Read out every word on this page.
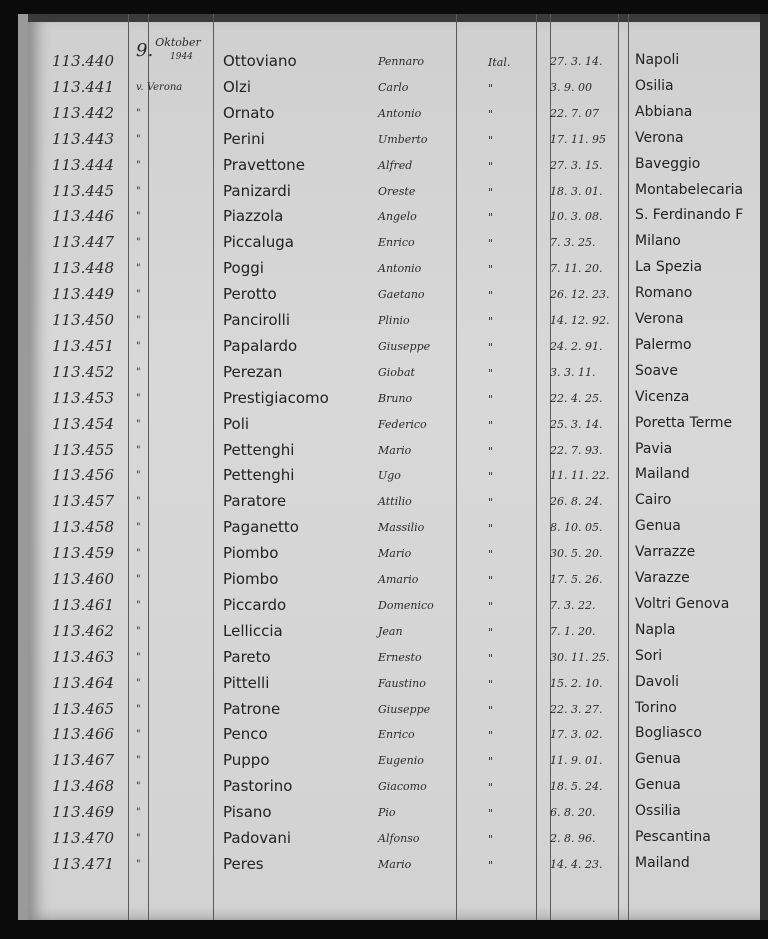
9. Oktober
1944
113.440	Ottoviano	Pennaro	Ital.	27. 3. 14. Napoli
113.441 v. Verona	Olzi	Carlo	"	3. 9. 00	Osilia
113.442 "	Ornato	Antonio	"	22. 7. 07	Abbiana
113.443 "	Perini	Umberto	"	17. 11. 95 Verona
113.444 "	Pravettone	Alfred	"	27. 3. 15. Baveggio
113.445 "	Panizardi	Oreste	"	18. 3. 01. Montabelecaria
113.446 "	Piazzola	Angelo	"	10. 3. 08. S. Ferdinando F
113.447 "	Piccaluga	Enrico	"	7. 3. 25.	Milano
113.448 "	Poggi	Antonio	"	7. 11. 20. La Spezia
113.449 "	Perotto	Gaetano	"	26. 12. 23. Romano
113.450 "	Pancirolli	Plinio	"	14. 12. 92. Verona
113.451 "	Papalardo	Giuseppe	"	24. 2. 91. Palermo
113.452 "	Perezan	Giobat	"	3. 3. 11.	Soave
113.453 "	Prestigiacomo	Bruno	"	22. 4. 25. Vicenza
113.454 "	Poli	Federico	"	25. 3. 14. Poretta Terme
113.455 "	Pettenghi	Mario	"	22. 7. 93. Pavia
113.456 "	Pettenghi	Ugo	"	11. 11. 22. Mailand
113.457 "	Paratore	Attilio	"	26. 8. 24. Cairo
113.458 "	Paganetto	Massilio	"	8. 10. 05. Genua
113.459 "	Piombo	Mario	"	30. 5. 20. Varrazze
113.460 "	Piombo	Amario	"	17. 5. 26. Varazze
113.461 "	Piccardo	Domenico	"	7. 3. 22.	Voltri Genova
113.462 "	Lelliccia	Jean	"	7. 1. 20.	Napla
113.463 "	Pareto	Ernesto	"	30. 11. 25. Sori
113.464 "	Pittelli	Faustino	"	15. 2. 10. Davoli
113.465 "	Patrone	Giuseppe	"	22. 3. 27. Torino
113.466 "	Penco	Enrico	"	17. 3. 02. Bogliasco
113.467 "	Puppo	Eugenio	"	11. 9. 01. Genua
113.468 "	Pastorino	Giacomo	"	18. 5. 24. Genua
113.469 "	Pisano	Pio	"	6. 8. 20.	Ossilia
113.470 "	Padovani	Alfonso	"	2. 8. 96.	Pescantina
113.471 "	Peres	Mario	"	14. 4. 23. Mailand
